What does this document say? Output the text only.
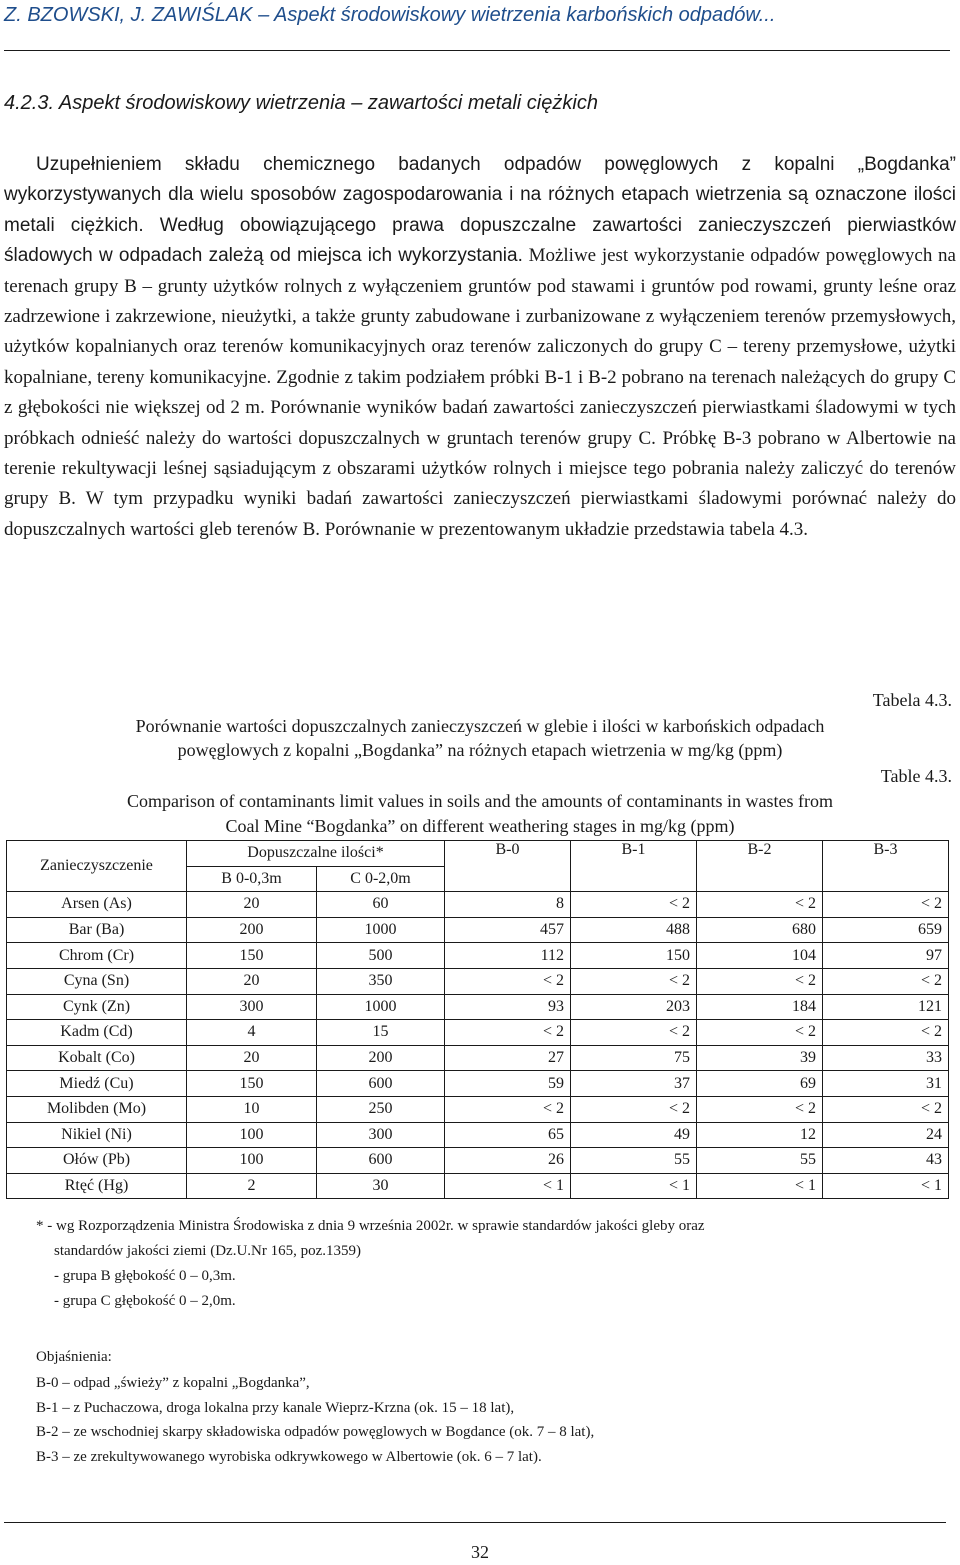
Z. BZOWSKI, J. ZAWIŚLAK – Aspekt środowiskowy wietrzenia karbońskich odpadów...
4.2.3. Aspekt środowiskowy wietrzenia – zawartości metali ciężkich

Uzupełnieniem składu chemicznego badanych odpadów powęglowych z kopalni „Bogdanka” wykorzystywanych dla wielu sposobów zagospodarowania i na różnych etapach wietrzenia są oznaczone ilości metali ciężkich. Według obowiązującego prawa dopuszczalne zawartości zanieczyszczeń pierwiastków śladowych w odpadach zależą od miejsca ich wykorzystania. Możliwe jest wykorzystanie odpadów powęglowych na terenach grupy B – grunty użytków rolnych z wyłączeniem gruntów pod stawami i gruntów pod rowami, grunty leśne oraz zadrzewione i zakrzewione, nieużytki, a także grunty zabudowane i zurbanizowane z wyłączeniem terenów przemysłowych, użytków kopalnianych oraz terenów komunikacyjnych oraz terenów zaliczonych do grupy C – tereny przemysłowe, użytki kopalniane, tereny komunikacyjne. Zgodnie z takim podziałem próbki B-1 i B-2 pobrano na terenach należących do grupy C z głębokości nie większej od 2 m. Porównanie wyników badań zawartości zanieczyszczeń pierwiastkami śladowymi w tych próbkach odnieść należy do wartości dopuszczalnych w gruntach terenów grupy C. Próbkę B-3 pobrano w Albertowie na terenie rekultywacji leśnej sąsiadującym z obszarami użytków rolnych i miejsce tego pobrania należy zaliczyć do terenów grupy B. W tym przypadku wyniki badań zawartości zanieczyszczeń pierwiastkami śladowymi porównać należy do dopuszczalnych wartości gleb terenów B. Porównanie w prezentowanym układzie przedstawia tabela 4.3.

Tabela 4.3.
Porównanie wartości dopuszczalnych zanieczyszczeń w glebie i ilości w karbońskich odpadach
powęglowych z kopalni „Bogdanka” na różnych etapach wietrzenia w mg/kg (ppm)
Table 4.3.
Comparison of contaminants limit values in soils and the amounts of contaminants in wastes from
Coal Mine “Bogdanka” on different weathering stages in mg/kg (ppm)
Zanieczyszczenie	Dopuszczalne ilości*		B-0	B-1	B-2	B-3
	B 0-0,3m	C 0-2,0m				
Arsen (As)	20	60	8	< 2	< 2	< 2
Bar (Ba)	200	1000	457	488	680	659
Chrom (Cr)	150	500	112	150	104	97
Cyna (Sn)	20	350	< 2	< 2	< 2	< 2
Cynk (Zn)	300	1000	93	203	184	121
Kadm (Cd)	4	15	< 2	< 2	< 2	< 2
Kobalt (Co)	20	200	27	75	39	33
Miedź (Cu)	150	600	59	37	69	31
Molibden (Mo)	10	250	< 2	< 2	< 2	< 2
Nikiel (Ni)	100	300	65	49	12	24
Ołów (Pb)	100	600	26	55	55	43
Rtęć (Hg)	2	30	< 1	< 1	< 1	< 1
* - wg Rozporządzenia Ministra Środowiska z dnia 9 września 2002r. w sprawie standardów jakości gleby oraz
standardów jakości ziemi (Dz.U.Nr 165, poz.1359)
- grupa B głębokość 0 – 0,3m.
- grupa C głębokość 0 – 2,0m.
Objaśnienia:
B-0 – odpad „świeży” z kopalni „Bogdanka”,
B-1 – z Puchaczowa, droga lokalna przy kanale Wieprz-Krzna (ok. 15 – 18 lat),
B-2 – ze wschodniej skarpy składowiska odpadów powęglowych w Bogdance (ok. 7 – 8 lat),
B-3 – ze zrekultywowanego wyrobiska odkrywkowego w Albertowie (ok. 6 – 7 lat).
32
